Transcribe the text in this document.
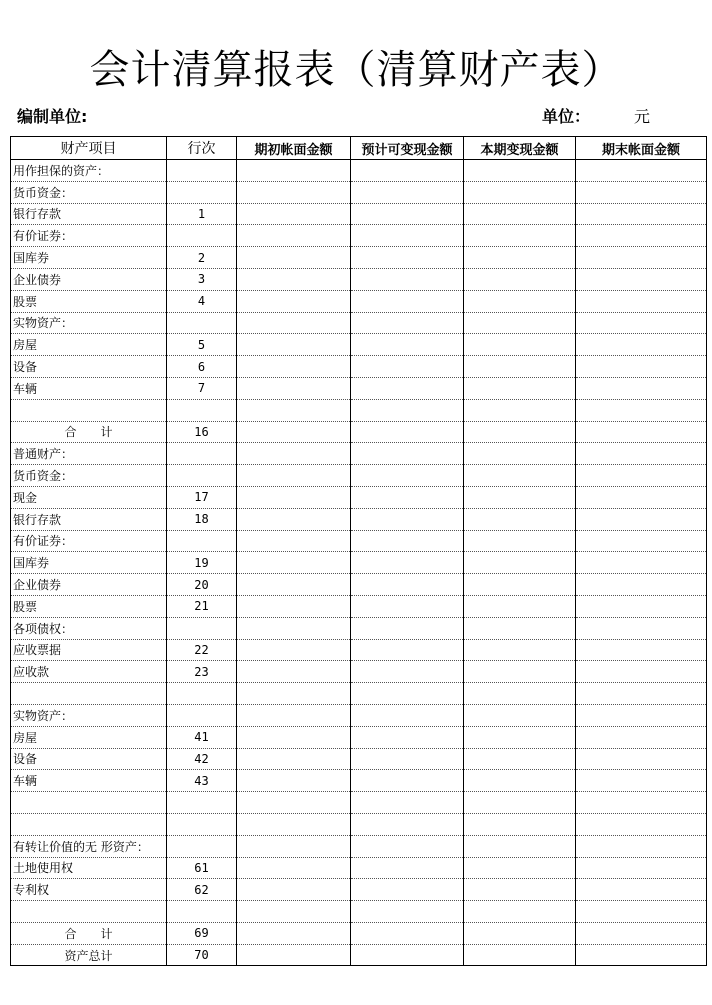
会计清算报表（清算财产表）
编制单位:	单位：	元
财产项目	行次	期初帐面金额	预计可变现金额	本期变现金额	期末帐面金额
用作担保的资产：					
货币资金：					
银行存款	1				
有价证券：					
国库券	2				
企业债券	3				
股票	4				
实物资产：					
房屋	5				
设备	6				
车辆	7				

合　　计	16				
普通财产：					
货币资金：					
现金	17				
银行存款	18				
有价证券：					
国库券	19				
企业债券	20				
股票	21				
各项债权：					
应收票据	22				
应收款	23				

实物资产：					
房屋	41				
设备	42				
车辆	43				

有转让价值的无 形资产：					
土地使用权	61				
专利权	62				

合　　计	69				
资产总计	70				
